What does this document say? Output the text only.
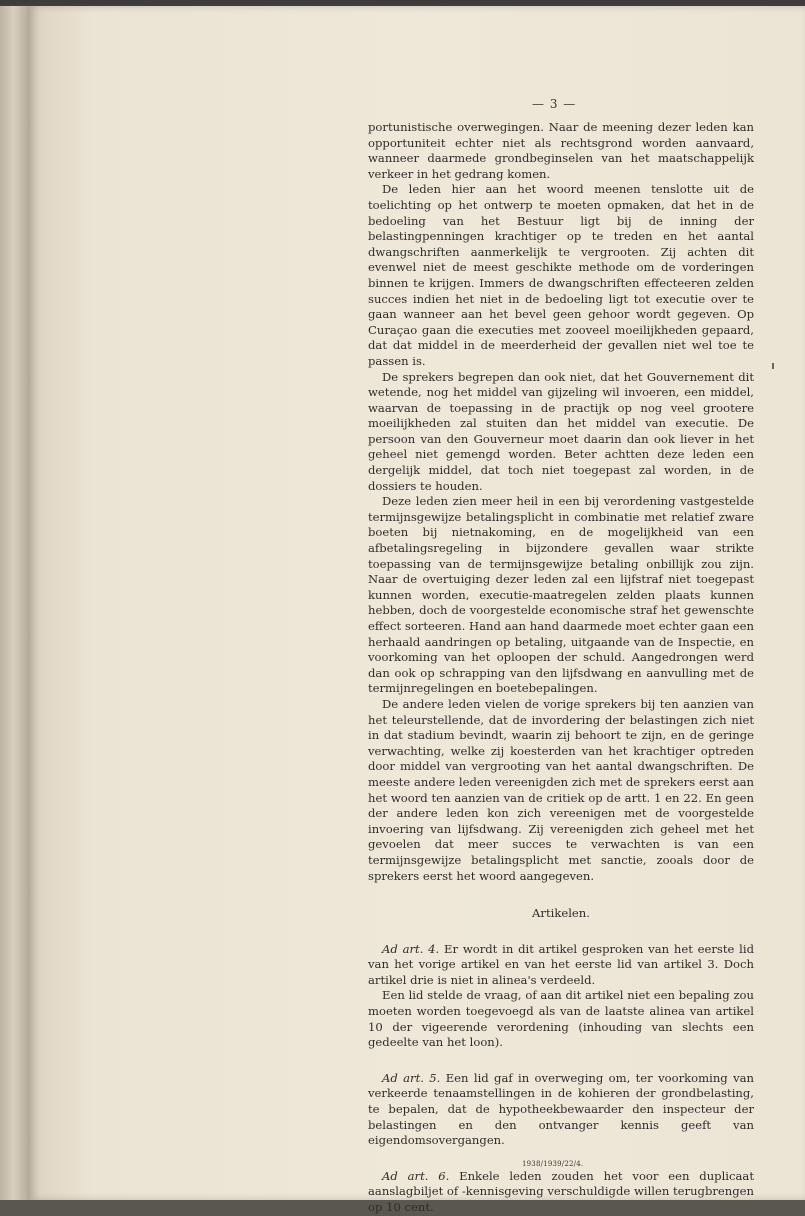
— 3 —

portunistische overwegingen. Naar de meening dezer leden kan opportuniteit echter niet als rechtsgrond worden aanvaard, wanneer daarmede grondbeginselen van het maatschappelijk verkeer in het gedrang komen.

De leden hier aan het woord meenen tenslotte uit de toelichting op het ontwerp te moeten opmaken, dat het in de bedoeling van het Bestuur ligt bij de inning der belastingpenningen krachtiger op te treden en het aantal dwangschriften aanmerkelijk te vergrooten. Zij achten dit evenwel niet de meest geschikte methode om de vorderingen binnen te krijgen. Immers de dwangschriften effecteeren zelden succes indien het niet in de bedoeling ligt tot executie over te gaan wanneer aan het bevel geen gehoor wordt gegeven. Op Curaçao gaan die executies met zooveel moeilijkheden gepaard, dat dat middel in de meerderheid der gevallen niet wel toe te passen is.

De sprekers begrepen dan ook niet, dat het Gouvernement dit wetende, nog het middel van gijzeling wil invoeren, een middel, waarvan de toepassing in de practijk op nog veel grootere moeilijkheden zal stuiten dan het middel van executie. De persoon van den Gouverneur moet daarin dan ook liever in het geheel niet gemengd worden. Beter achtten deze leden een dergelijk middel, dat toch niet toegepast zal worden, in de dossiers te houden.

Deze leden zien meer heil in een bij verordening vastgestelde termijnsgewijze betalingsplicht in combinatie met relatief zware boeten bij nietnakoming, en de mogelijkheid van een afbetalingsregeling in bijzondere gevallen waar strikte toepassing van de termijnsgewijze betaling onbillijk zou zijn. Naar de overtuiging dezer leden zal een lijfstraf niet toegepast kunnen worden, executie-maatregelen zelden plaats kunnen hebben, doch de voorgestelde economische straf het gewenschte effect sorteeren. Hand aan hand daarmede moet echter gaan een herhaald aandringen op betaling, uitgaande van de Inspectie, en voorkoming van het oploopen der schuld. Aangedrongen werd dan ook op schrapping van den lijfsdwang en aanvulling met de termijnregelingen en boetebepalingen.

De andere leden vielen de vorige sprekers bij ten aanzien van het teleurstellende, dat de invordering der belastingen zich niet in dat stadium bevindt, waarin zij behoort te zijn, en de geringe verwachting, welke zij koesterden van het krachtiger optreden door middel van vergrooting van het aantal dwangschriften. De meeste andere leden vereenigden zich met de sprekers eerst aan het woord ten aanzien van de critiek op de artt. 1 en 22. En geen der andere leden kon zich vereenigen met de voorgestelde invoering van lijfsdwang. Zij vereenigden zich geheel met het gevoelen dat meer succes te verwachten is van een termijnsgewijze betalingsplicht met sanctie, zooals door de sprekers eerst het woord aangegeven.

Artikelen.

Ad art. 4. Er wordt in dit artikel gesproken van het eerste lid van het vorige artikel en van het eerste lid van artikel 3. Doch artikel drie is niet in alinea's verdeeld.

Een lid stelde de vraag, of aan dit artikel niet een bepaling zou moeten worden toegevoegd als van de laatste alinea van artikel 10 der vigeerende verordening (inhouding van slechts een gedeelte van het loon).

Ad art. 5. Een lid gaf in overweging om, ter voorkoming van verkeerde tenaamstellingen in de kohieren der grondbelasting, te bepalen, dat de hypotheekbewaarder den inspecteur der belastingen en den ontvanger kennis geeft van eigendomsovergangen.

Ad art. 6. Enkele leden zouden het voor een duplicaat aanslagbiljet of -kennisgeving verschuldigde willen terugbrengen op 10 cent.

1938/1939/22/4.
